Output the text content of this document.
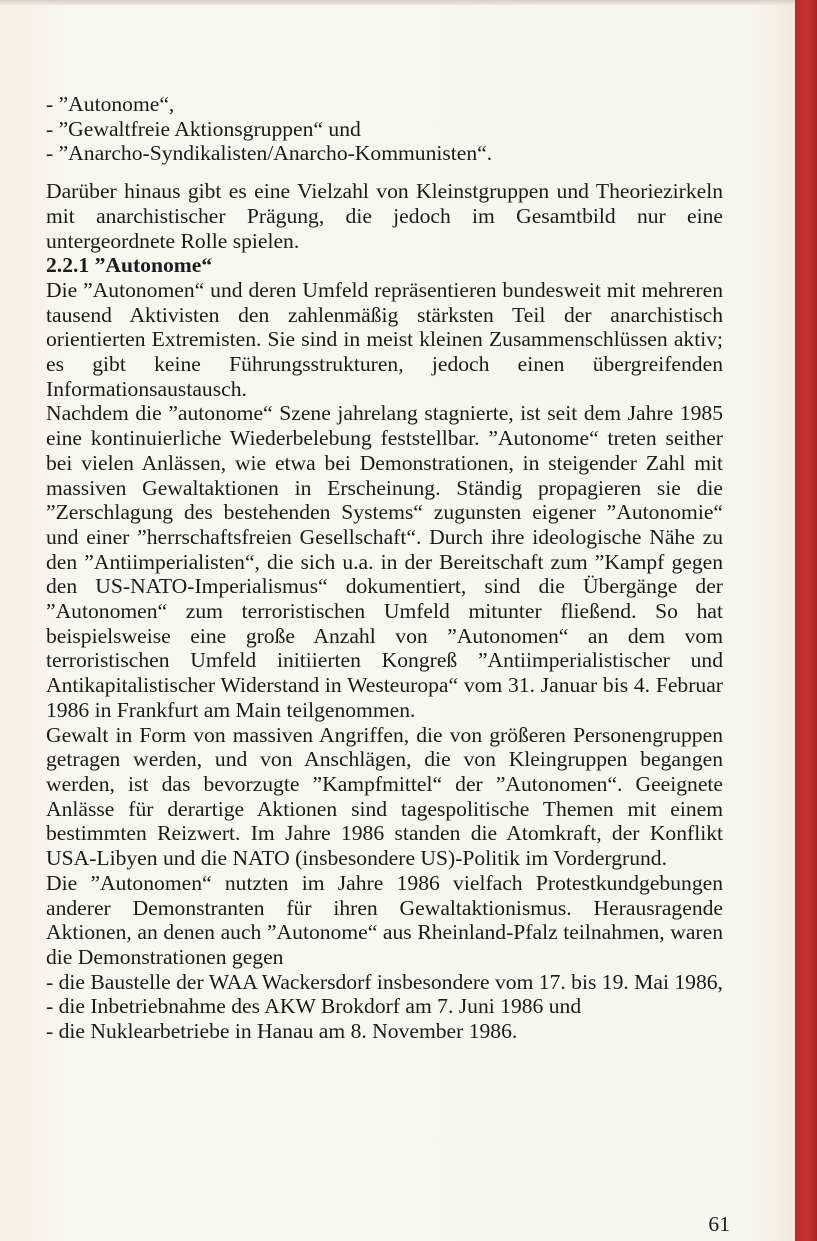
- ”Autonome“,

- ”Gewaltfreie Aktionsgruppen“ und

- ”Anarcho-Syndikalisten/Anarcho-Kommunisten“.

Darüber hinaus gibt es eine Vielzahl von Kleinstgruppen und Theoriezirkeln mit anarchistischer Prägung, die jedoch im Gesamtbild nur eine untergeordnete Rolle spielen.

2.2.1 ”Autonome“

Die ”Autonomen“ und deren Umfeld repräsentieren bundesweit mit mehreren tausend Aktivisten den zahlenmäßig stärksten Teil der anarchistisch orientierten Extremisten. Sie sind in meist kleinen Zusammenschlüssen aktiv; es gibt keine Führungsstrukturen, jedoch einen übergreifenden Informationsaustausch.

Nachdem die ”autonome“ Szene jahrelang stagnierte, ist seit dem Jahre 1985 eine kontinuierliche Wiederbelebung feststellbar. ”Autonome“ treten seither bei vielen Anlässen, wie etwa bei Demonstrationen, in steigender Zahl mit massiven Gewaltaktionen in Erscheinung. Ständig propagieren sie die ”Zerschlagung des bestehenden Systems“ zugunsten eigener ”Autonomie“ und einer ”herrschaftsfreien Gesellschaft“. Durch ihre ideologische Nähe zu den ”Antiimperialisten“, die sich u.a. in der Bereitschaft zum ”Kampf gegen den US-NATO-Imperialismus“ dokumentiert, sind die Übergänge der ”Autonomen“ zum terroristischen Umfeld mitunter fließend. So hat beispielsweise eine große Anzahl von ”Autonomen“ an dem vom terroristischen Umfeld initiierten Kongreß ”Antiimperialistischer und Antikapitalistischer Widerstand in Westeuropa“ vom 31. Januar bis 4. Februar 1986 in Frankfurt am Main teilgenommen.

Gewalt in Form von massiven Angriffen, die von größeren Personengruppen getragen werden, und von Anschlägen, die von Kleingruppen begangen werden, ist das bevorzugte ”Kampfmittel“ der ”Autonomen“. Geeignete Anlässe für derartige Aktionen sind tagespolitische Themen mit einem bestimmten Reizwert. Im Jahre 1986 standen die Atomkraft, der Konflikt USA-Libyen und die NATO (insbesondere US)-Politik im Vordergrund.

Die ”Autonomen“ nutzten im Jahre 1986 vielfach Protestkundgebungen anderer Demonstranten für ihren Gewaltaktionismus. Herausragende Aktionen, an denen auch ”Autonome“ aus Rheinland-Pfalz teilnahmen, waren die Demonstrationen gegen

- die Baustelle der WAA Wackersdorf insbesondere vom 17. bis 19. Mai 1986,

- die Inbetriebnahme des AKW Brokdorf am 7. Juni 1986 und

- die Nuklearbetriebe in Hanau am 8. November 1986.

61
